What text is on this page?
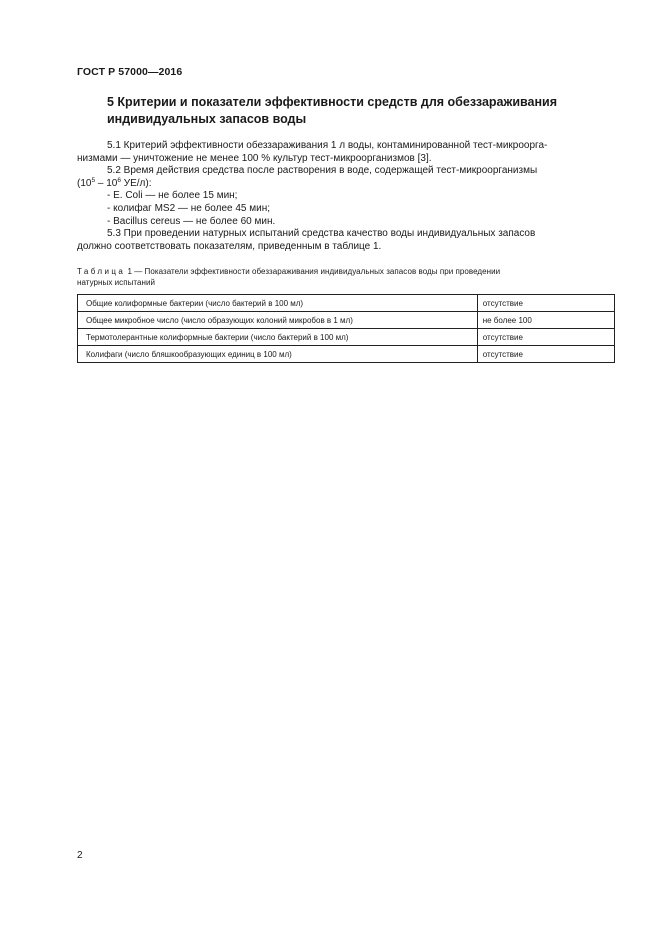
ГОСТ Р 57000—2016
5 Критерии и показатели эффективности средств для обеззараживания
индивидуальных запасов воды

5.1 Критерий эффективности обеззараживания 1 л воды, контаминированной тест-микроорга-

низмами — уничтожение не менее 100 % культур тест-микроорганизмов [3].

5.2 Время действия средства после растворения в воде, содержащей тест-микроорганизмы

($10^5 - 10^6$ УЕ/л):

- E. Coli — не более 15 мин;

- колифаг MS2 — не более 45 мин;

- Bacillus cereus — не более 60 мин.

5.3 При проведении натурных испытаний средства качество воды индивидуальных запасов

должно соответствовать показателям, приведенным в таблице 1.

Таблица 1 — Показатели эффективности обеззараживания индивидуальных запасов воды при проведении
натурных испытаний
Общие колиформные бактерии (число бактерий в 100 мл)	отсутствие
Общее микробное число (число образующих колоний микробов в 1 мл)	не более 100
Термотолерантные колиформные бактерии (число бактерий в 100 мл)	отсутствие
Колифаги (число бляшкообразующих единиц в 100 мл)	отсутствие
2
